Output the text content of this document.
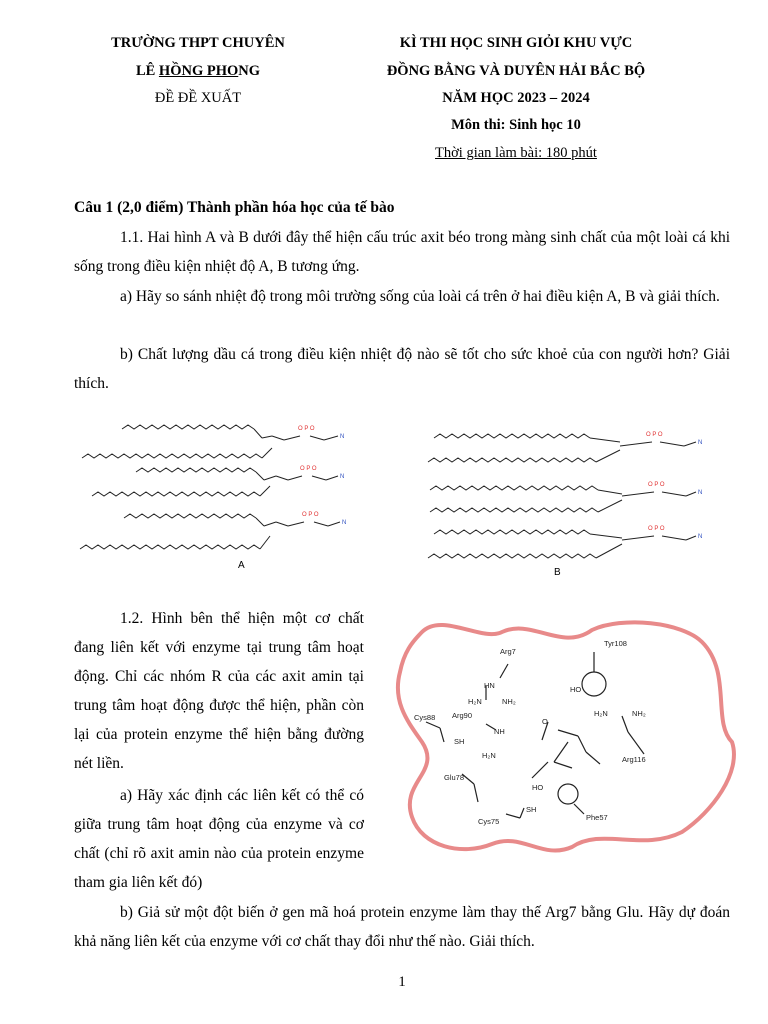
TRƯỜNG THPT CHUYÊN
LÊ HỒNG PHONG
ĐỀ ĐỀ XUẤT
KÌ THI HỌC SINH GIỎI KHU VỰC
ĐỒNG BẰNG VÀ DUYÊN HẢI BẮC BỘ
NĂM HỌC 2023 – 2024
Môn thi: Sinh học 10
Thời gian làm bài: 180 phút
Câu 1 (2,0 điểm) Thành phần hóa học của tế bào
1.1. Hai hình A và B dưới đây thể hiện cấu trúc axit béo trong màng sinh chất của một loài cá khi sống trong điều kiện nhiệt độ A, B tương ứng.
a) Hãy so sánh nhiệt độ trong môi trường sống của loài cá trên ở hai điều kiện A, B và giải thích.
b) Chất lượng dầu cá trong điều kiện nhiệt độ nào sẽ tốt cho sức khoẻ của con người hơn? Giải thích.
O P O
O P O
O P O
N
N
N
A
O P O
O P O
O P O
N
N
N
B
1.2. Hình bên thể hiện một cơ chất đang liên kết với enzyme tại trung tâm hoạt động. Chỉ các nhóm R của các axit amin tại trung tâm hoạt động được thể hiện, phần còn lại của protein enzyme thể hiện bằng đường nét liền.
a) Hãy xác định các liên kết có thể có giữa trung tâm hoạt động của enzyme và cơ chất (chỉ rõ axit amin nào của protein enzyme tham gia liên kết đó)
Arg7
Tyr108
Cys88 Arg90
Arg116
Glu78
Cys75	Phe57
SH
SH
HN
H₂N	NH₂
NH
H₂N
H₂N	NH₂
HO
HO
O
b) Giả sử một đột biến ở gen mã hoá protein enzyme làm thay thế Arg7 bằng Glu. Hãy dự đoán khả năng liên kết của enzyme với cơ chất thay đổi như thế nào. Giải thích.
1
